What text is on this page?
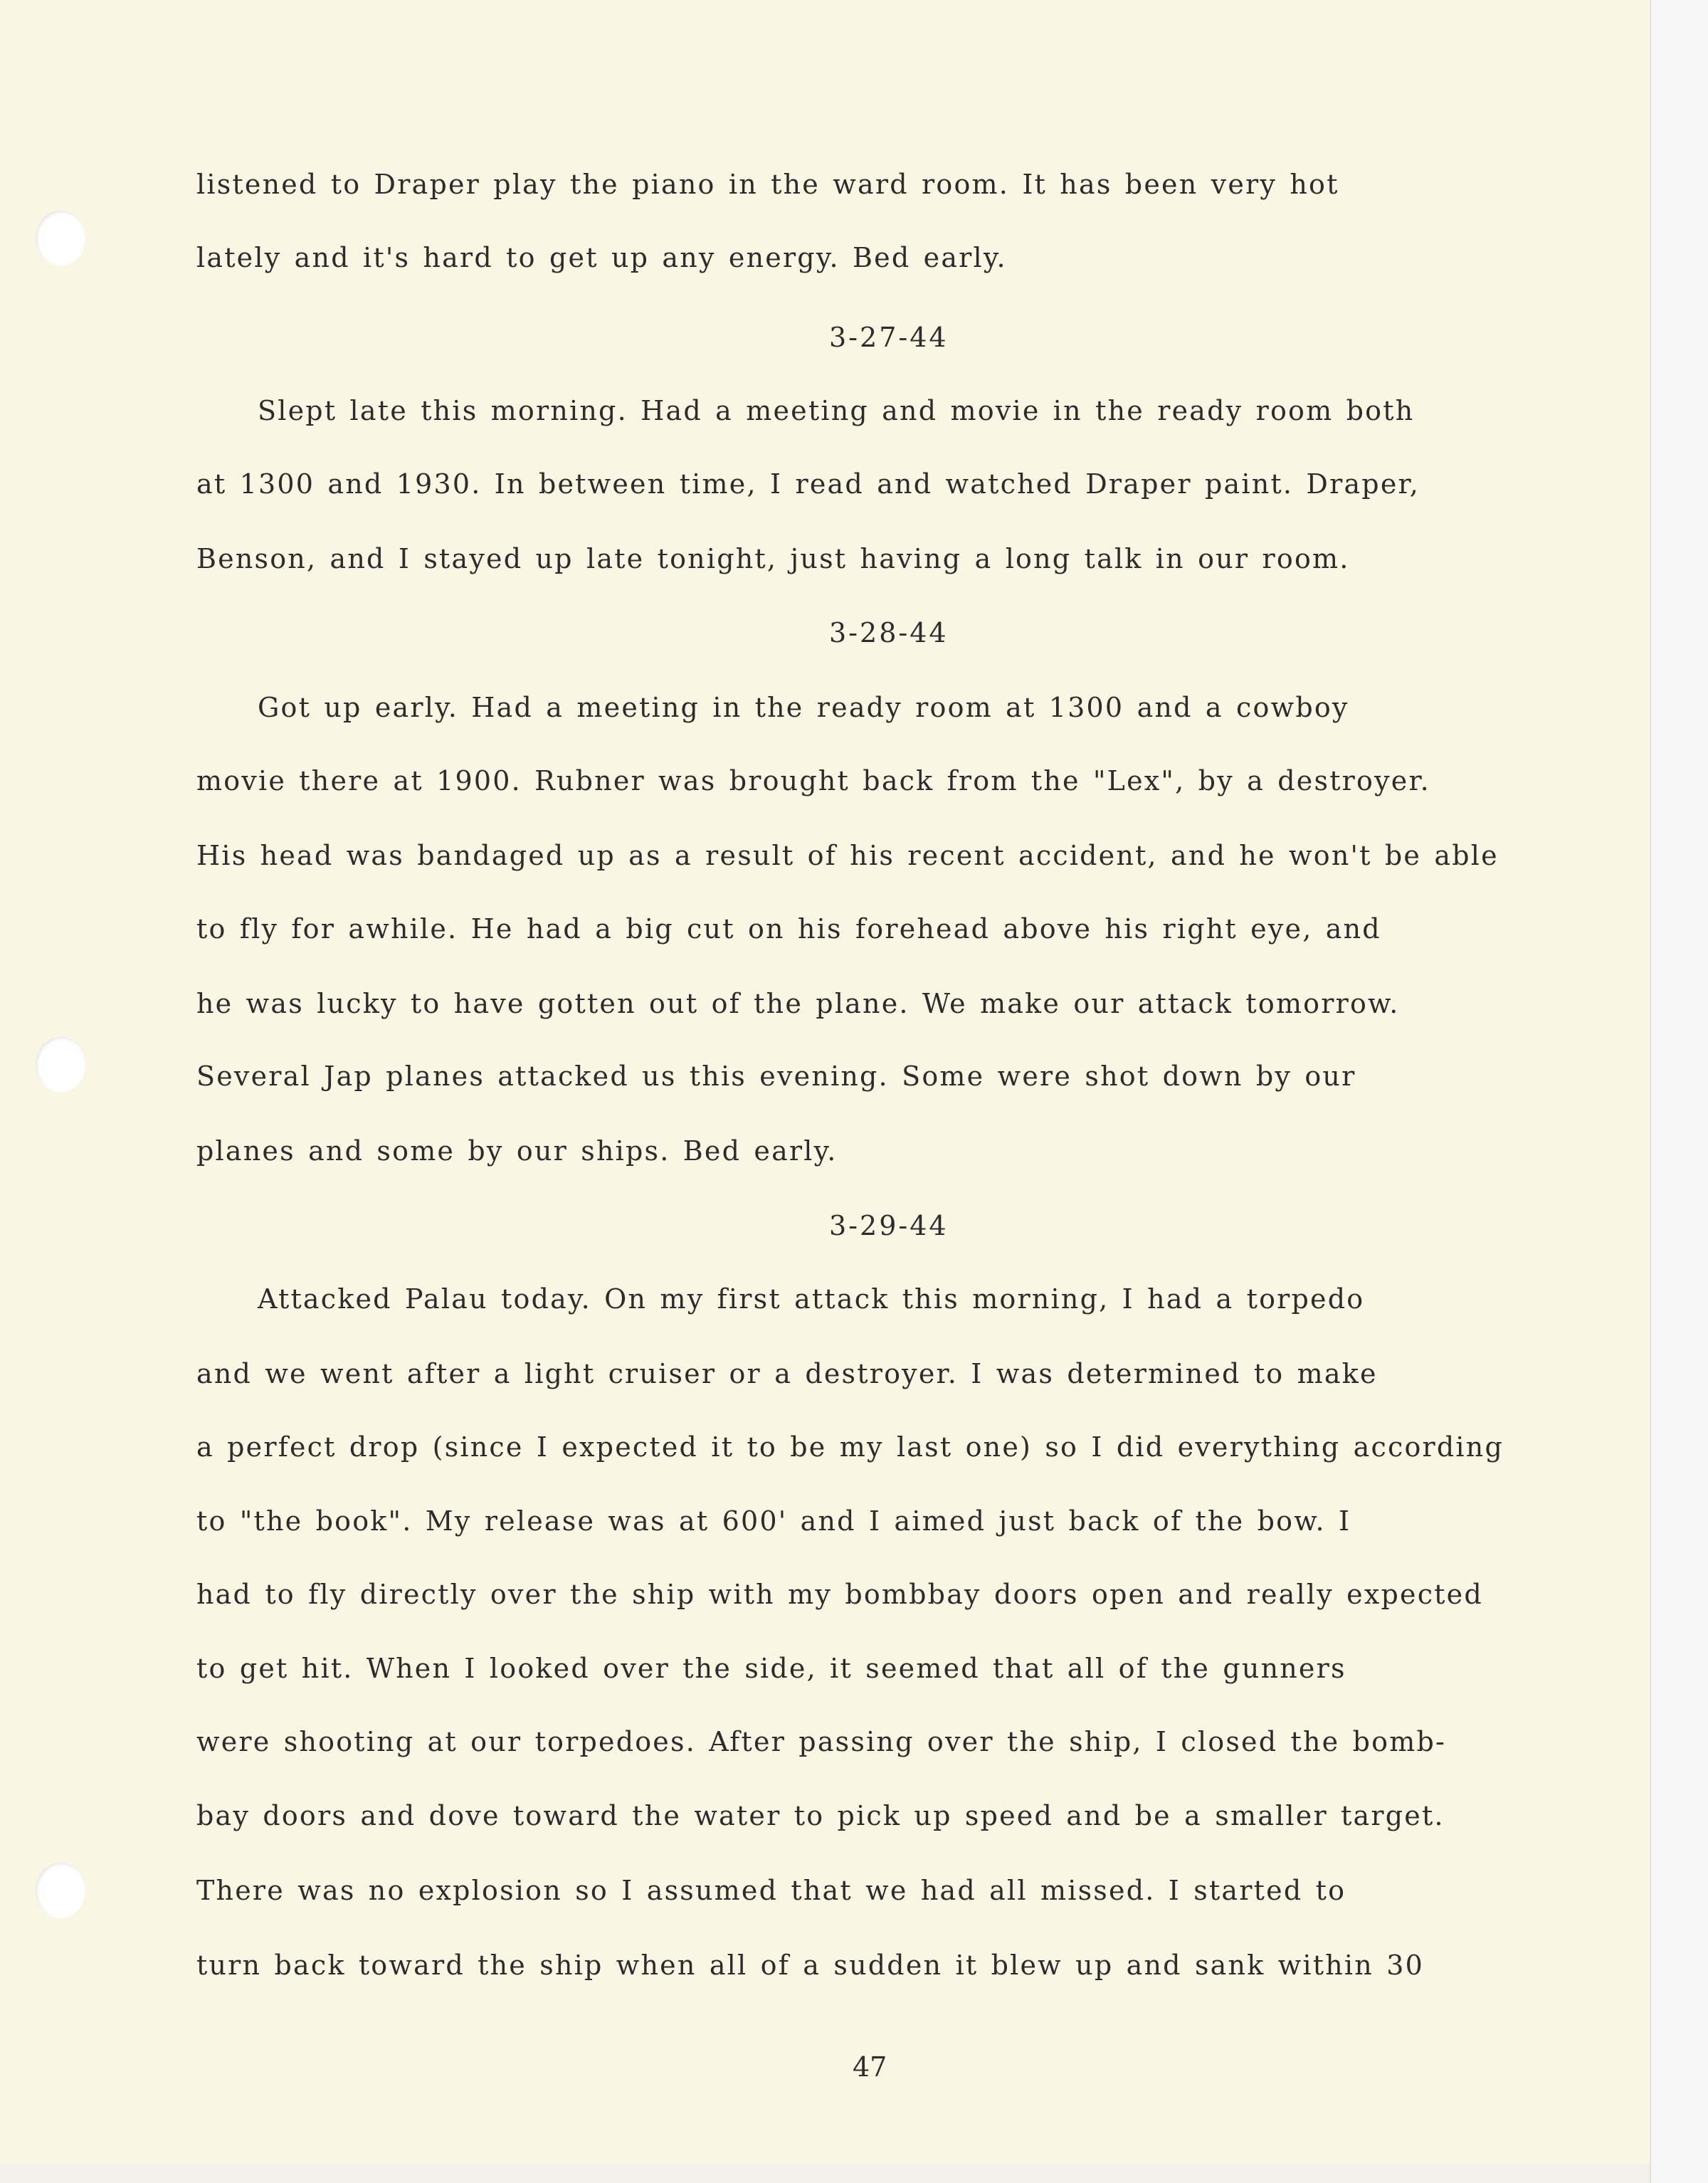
listened to Draper play the piano in the ward room. It has been very hot

lately and it's hard to get up any energy. Bed early.

3-27-44

Slept late this morning. Had a meeting and movie in the ready room both

at 1300 and 1930. In between time, I read and watched Draper paint. Draper,

Benson, and I stayed up late tonight, just having a long talk in our room.

3-28-44

Got up early. Had a meeting in the ready room at 1300 and a cowboy

movie there at 1900. Rubner was brought back from the "Lex", by a destroyer.

His head was bandaged up as a result of his recent accident, and he won't be able

to fly for awhile. He had a big cut on his forehead above his right eye, and

he was lucky to have gotten out of the plane. We make our attack tomorrow.

Several Jap planes attacked us this evening. Some were shot down by our

planes and some by our ships. Bed early.

3-29-44

Attacked Palau today. On my first attack this morning, I had a torpedo

and we went after a light cruiser or a destroyer. I was determined to make

a perfect drop (since I expected it to be my last one) so I did everything according

to "the book". My release was at 600' and I aimed just back of the bow. I

had to fly directly over the ship with my bombbay doors open and really expected

to get hit. When I looked over the side, it seemed that all of the gunners

were shooting at our torpedoes. After passing over the ship, I closed the bomb-

bay doors and dove toward the water to pick up speed and be a smaller target.

There was no explosion so I assumed that we had all missed. I started to

turn back toward the ship when all of a sudden it blew up and sank within 30

47
